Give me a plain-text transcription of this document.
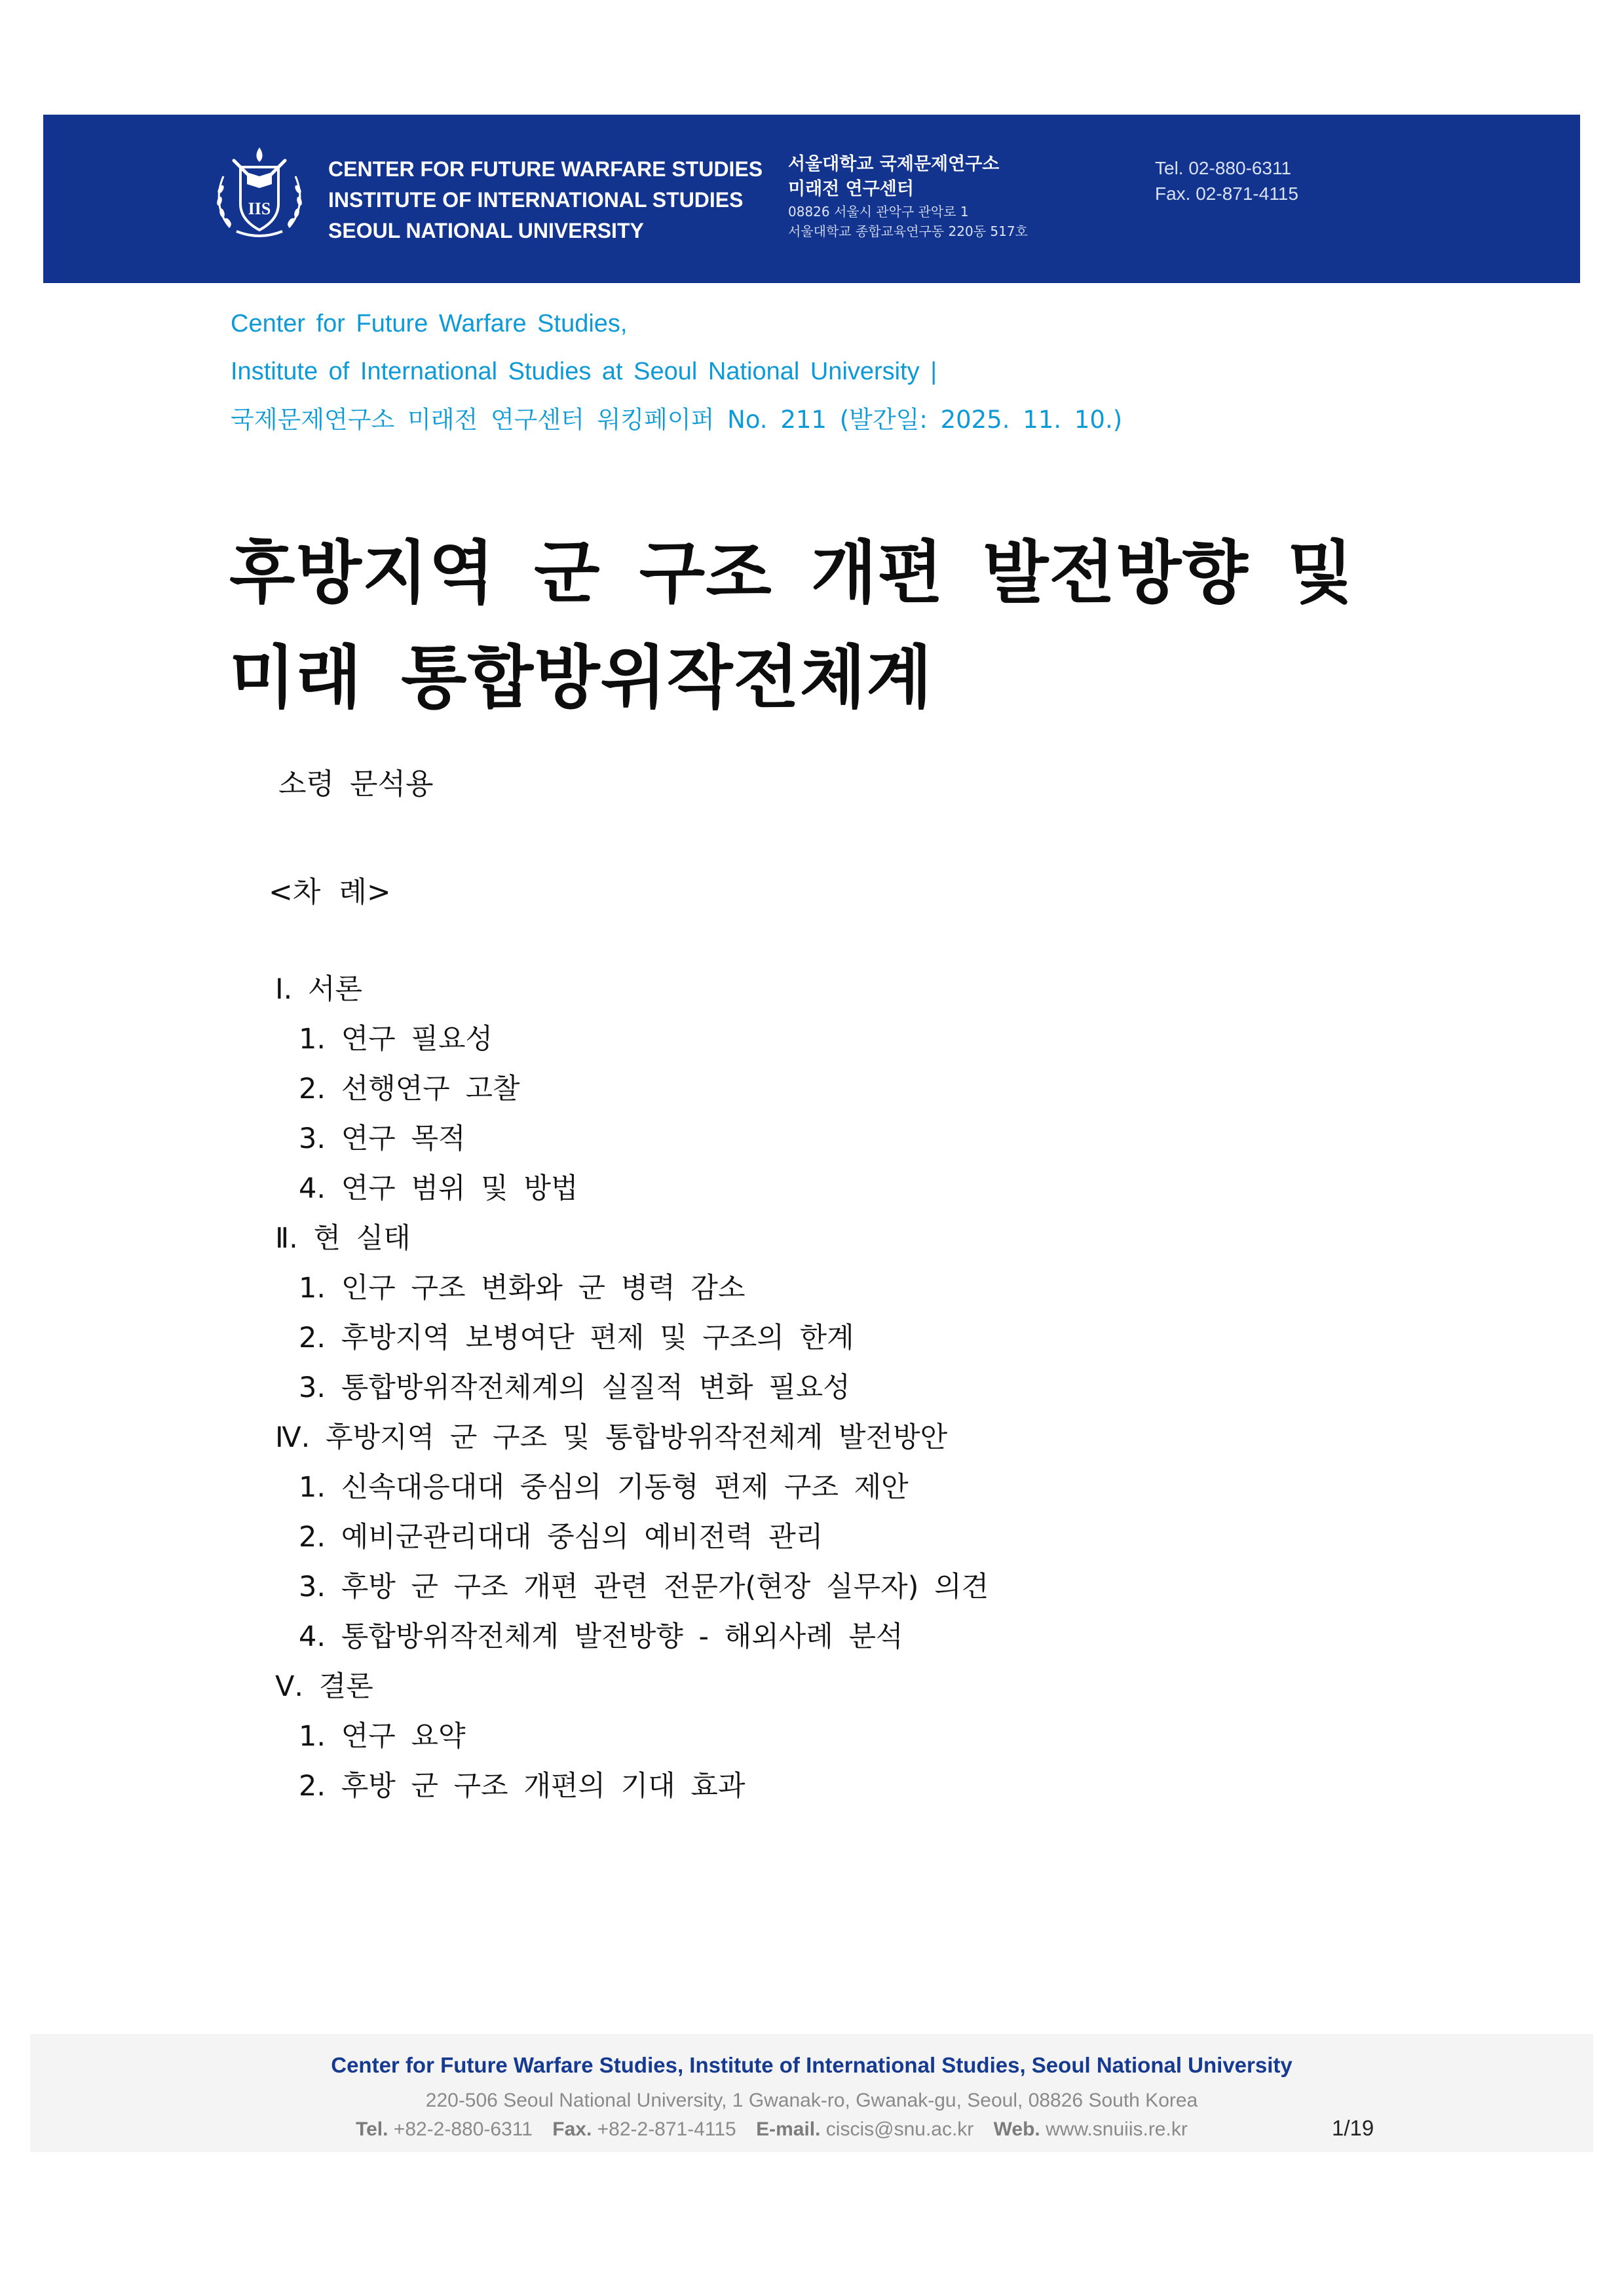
IIS
CENTER FOR FUTURE WARFARE STUDIES
INSTITUTE OF INTERNATIONAL STUDIES
SEOUL NATIONAL UNIVERSITY
서울대학교 국제문제연구소
미래전 연구센터
08826 서울시 관악구 관악로 1
서울대학교 종합교육연구동 220동 517호
Tel. 02-880-6311
Fax. 02-871-4115
Center for Future Warfare Studies,
Institute of International Studies at Seoul National University |
국제문제연구소 미래전 연구센터 워킹페이퍼 No. 211 (발간일: 2025. 11. 10.)
후방지역 군 구조 개편 발전방향 및
미래 통합방위작전체계
소령 문석용
<차  례>
Ⅰ. 서론
1. 연구 필요성
2. 선행연구 고찰
3. 연구 목적
4. 연구 범위 및 방법
Ⅱ. 현 실태
1. 인구 구조 변화와 군 병력 감소
2. 후방지역 보병여단 편제 및 구조의 한계
3. 통합방위작전체계의 실질적 변화 필요성
Ⅳ. 후방지역 군 구조 및 통합방위작전체계 발전방안
1. 신속대응대대 중심의 기동형 편제 구조 제안
2. 예비군관리대대 중심의 예비전력 관리
3. 후방 군 구조 개편 관련 전문가(현장 실무자) 의견
4. 통합방위작전체계 발전방향 - 해외사례 분석
Ⅴ. 결론
1. 연구 요약
2. 후방 군 구조 개편의 기대 효과
Center for Future Warfare Studies, Institute of International Studies, Seoul National University
220-506 Seoul National University, 1 Gwanak-ro, Gwanak-gu, Seoul, 08826 South Korea
Tel. +82-2-880-6311 Fax. +82-2-871-4115 E-mail. ciscis@snu.ac.kr Web. www.snuiis.re.kr	1/19
